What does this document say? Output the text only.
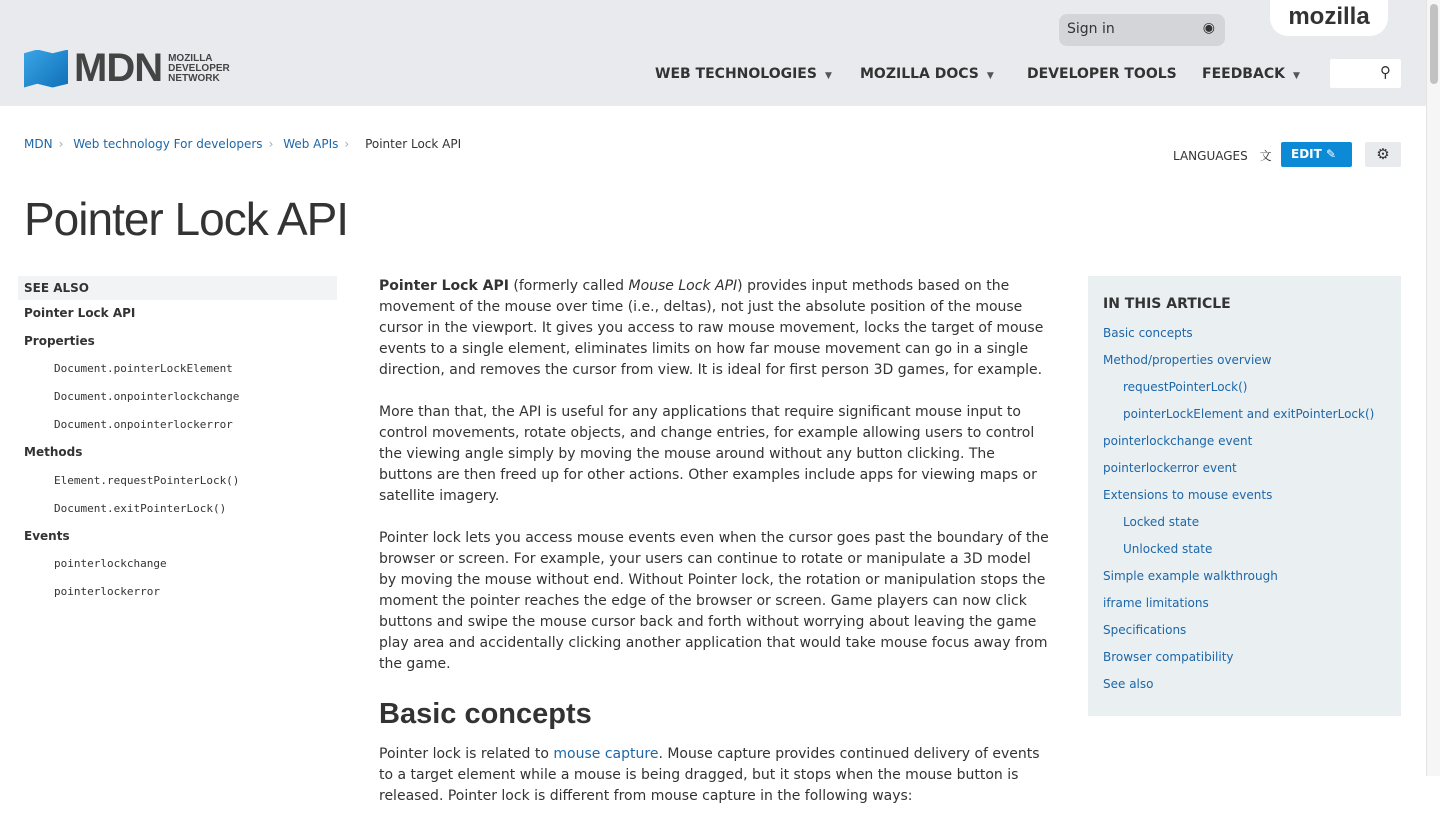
MDN MOZILLA
DEVELOPER
NETWORK
Sign in	◉	mozilla
WEB TECHNOLOGIES ▼ MOZILLA DOCS ▼ DEVELOPER TOOLS FEEDBACK ▼	⚲
MDN › Web technology For developers › Web APIs › Pointer Lock API
LANGUAGES 文	EDIT ✎	⚙
Pointer Lock API
SEE ALSO
Pointer Lock API
Properties
Document.pointerLockElement
Document.onpointerlockchange
Document.onpointerlockerror
Methods
Element.requestPointerLock()
Document.exitPointerLock()
Events
pointerlockchange
pointerlockerror

Pointer Lock API (formerly called Mouse Lock API) provides input methods based on the movement of the mouse over time (i.e., deltas), not just the absolute position of the mouse cursor in the viewport. It gives you access to raw mouse movement, locks the target of mouse events to a single element, eliminates limits on how far mouse movement can go in a single direction, and removes the cursor from view. It is ideal for first person 3D games, for example.

More than that, the API is useful for any applications that require significant mouse input to control movements, rotate objects, and change entries, for example allowing users to control the viewing angle simply by moving the mouse around without any button clicking. The buttons are then freed up for other actions. Other examples include apps for viewing maps or satellite imagery.

Pointer lock lets you access mouse events even when the cursor goes past the boundary of the browser or screen. For example, your users can continue to rotate or manipulate a 3D model by moving the mouse without end. Without Pointer lock, the rotation or manipulation stops the moment the pointer reaches the edge of the browser or screen. Game players can now click buttons and swipe the mouse cursor back and forth without worrying about leaving the game play area and accidentally clicking another application that would take mouse focus away from the game.

Basic concepts

Pointer lock is related to mouse capture. Mouse capture provides continued delivery of events to a target element while a mouse is being dragged, but it stops when the mouse button is released. Pointer lock is different from mouse capture in the following ways:

IN THIS ARTICLE
Basic concepts
Method/properties overview
requestPointerLock()
pointerLockElement and exitPointerLock()
pointerlockchange event
pointerlockerror event
Extensions to mouse events
Locked state
Unlocked state
Simple example walkthrough
iframe limitations
Specifications
Browser compatibility
See also
